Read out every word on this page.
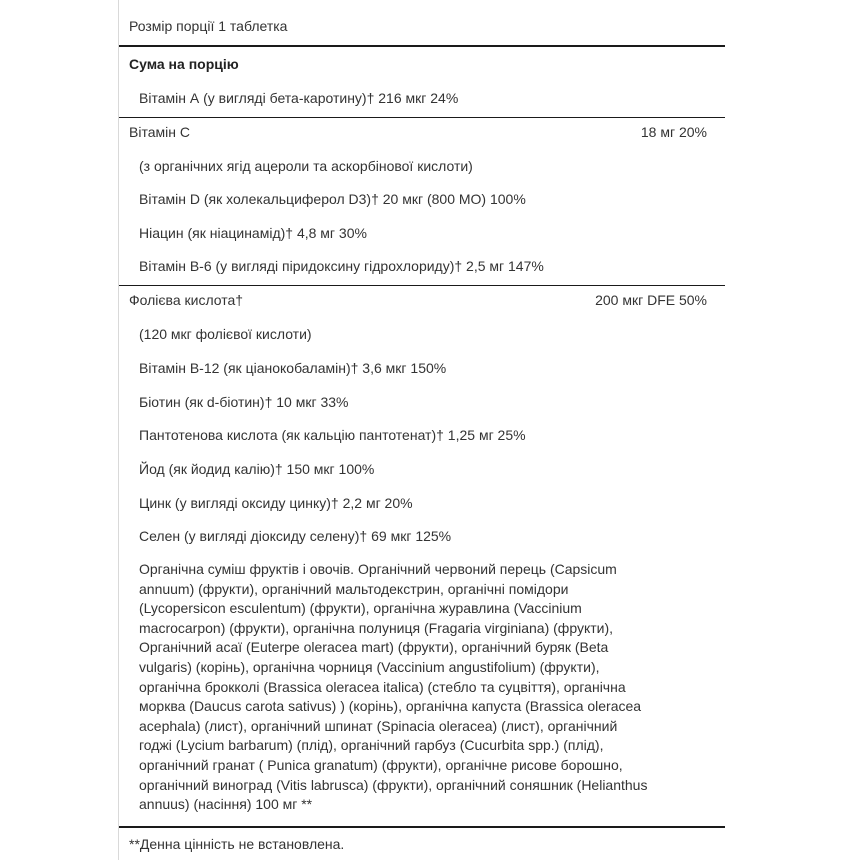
Розмір порції 1 таблетка
Сума на порцію
Вітамін А (у вигляді бета-каротину)† 216 мкг 24%
Вітамін C	18 мг 20%
(з органічних ягід ацероли та аскорбінової кислоти)
Вітамін D (як холекальциферол D3)† 20 мкг (800 МО) 100%
Ніацин (як ніацинамід)† 4,8 мг 30%
Вітамін В-6 (у вигляді піридоксину гідрохлориду)† 2,5 мг 147%
Фолієва кислота†	200 мкг DFE 50%
(120 мкг фолієвої кислоти)
Вітамін В-12 (як ціанокобаламін)† 3,6 мкг 150%
Біотин (як d-біотин)† 10 мкг 33%
Пантотенова кислота (як кальцію пантотенат)† 1,25 мг 25%
Йод (як йодид калію)† 150 мкг 100%
Цинк (у вигляді оксиду цинку)† 2,2 мг 20%
Селен (у вигляді діоксиду селену)† 69 мкг 125%
Органічна суміш фруктів і овочів. Органічний червоний перець (Capsicum
annuum) (фрукти), органічний мальтодекстрин, органічні помідори
(Lycopersicon esculentum) (фрукти), органічна журавлина (Vaccinium
macrocarpon) (фрукти), органічна полуниця (Fragaria virginiana) (фрукти),
Органічний асаї (Euterpe oleracea mart) (фрукти), органічний буряк (Beta
vulgaris) (корінь), органічна чорниця (Vaccinium angustifolium) (фрукти),
органічна брокколі (Brassica oleracea italica) (стебло та суцвіття), органічна
морква (Daucus carota sativus) ) (корінь), органічна капуста (Brassica oleracea
acephala) (лист), органічний шпинат (Spinacia oleracea) (лист), органічний
годжі (Lycium barbarum) (плід), органічний гарбуз (Cucurbita spp.) (плід),
органічний гранат ( Punica granatum) (фрукти), органічне рисове борошно,
органічний виноград (Vitis labrusca) (фрукти), органічний соняшник (Helianthus
annuus) (насіння) 100 мг **
**Денна цінність не встановлена.
